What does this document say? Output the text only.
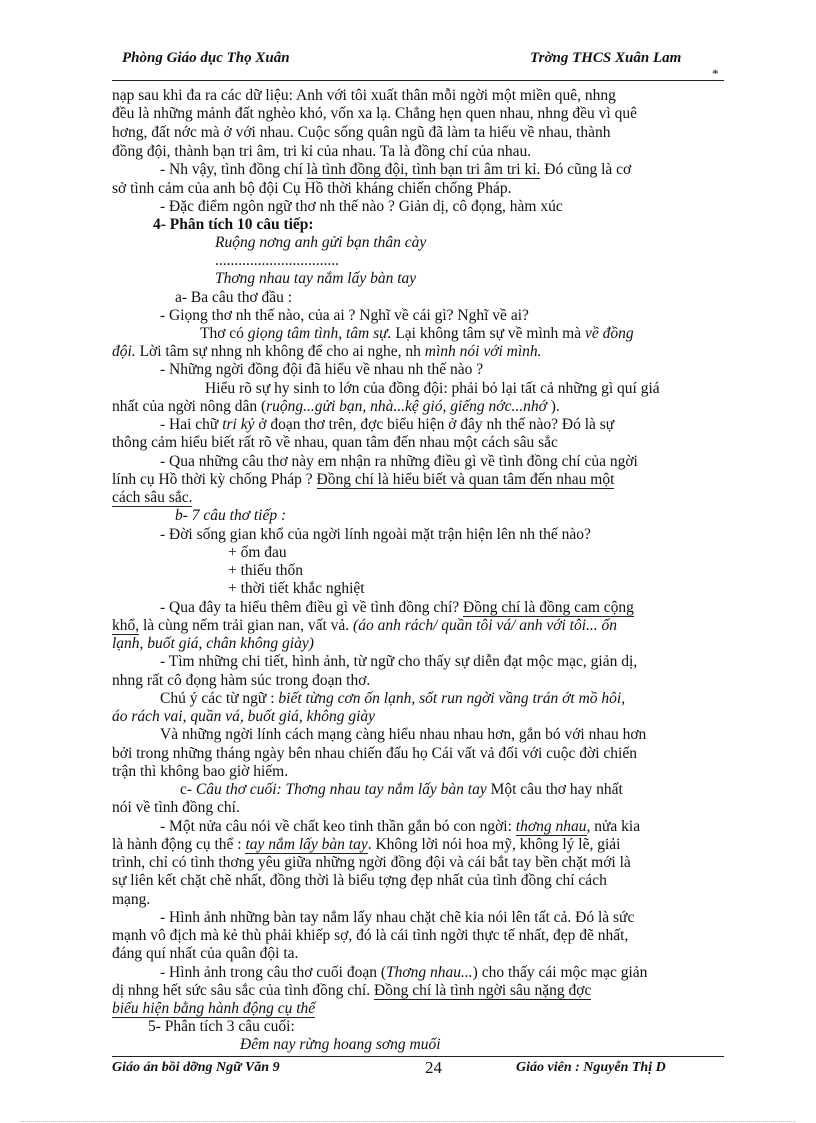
Phòng Giáo dục Thọ Xuân	Trờng THCS Xuân Lam
*
nạp sau khi đa ra các dữ liệu: Anh với tôi xuất thân mỗi ngời một miền quê, nhng
đều là những mảnh đất nghèo khó, vốn xa lạ. Chẳng hẹn quen nhau, nhng đều vì quê
hơng, đất nớc mà ở với nhau. Cuộc sống quân ngũ đã làm ta hiểu về nhau, thành
đồng đội, thành bạn tri âm, tri kỉ của nhau. Ta là đồng chí của nhau.
- Nh vậy, tình đồng chí là tình đồng đội, tình bạn tri âm tri kỉ. Đó cũng là cơ
sở tình cảm của anh bộ đội Cụ Hồ thời kháng chiến chống Pháp.
- Đặc điểm ngôn ngữ thơ nh thế nào ? Giản dị, cô đọng, hàm xúc
4- Phân tích 10 câu tiếp:
Ruộng nơng anh gửi bạn thân cày
................................
Thơng nhau tay nắm lấy bàn tay
a- Ba câu thơ đầu :
- Giọng thơ nh thế nào, của ai ? Nghĩ về cái gì? Nghĩ về ai?
Thơ có giọng tâm tình, tâm sự. Lại không tâm sự về mình mà về đồng
đội. Lời tâm sự nhng nh không để cho ai nghe, nh mình nói với mình.
- Những ngời đồng đội đã hiểu về nhau nh thế nào ?
Hiểu rõ sự hy sinh to lớn của đồng đội: phải bỏ lại tất cả những gì quí giá
nhất của ngời nông dân (ruộng...gửi bạn, nhà...kệ gió, giếng nớc...nhớ ).
- Hai chữ tri kỷ ở đoạn thơ trên, đợc biểu hiện ở đây nh thế nào? Đó là sự
thông cảm hiểu biết rất rõ về nhau, quan tâm đến nhau một cách sâu sắc
- Qua những câu thơ này em nhận ra những điều gì về tình đồng chí của ngời
lính cụ Hồ thời kỳ chống Pháp ? Đồng chí là hiểu biết và quan tâm đến nhau một
cách sâu sắc.
b- 7 câu thơ tiếp :
- Đời sống gian khổ của ngời lính ngoài mặt trận hiện lên nh thế nào?
+ ốm đau
+ thiếu thốn
+ thời tiết khắc nghiệt
- Qua đây ta hiểu thêm điều gì về tình đồng chí? Đồng chí là đồng cam cộng
khổ, là cùng nếm trải gian nan, vất vả. (áo anh rách/ quần tôi vá/ anh với tôi... ốn
lạnh, buốt giá, chân không giày)
- Tìm những chi tiết, hình ảnh, từ ngữ cho thấy sự diễn đạt mộc mạc, giản dị,
nhng rất cô đọng hàm súc trong đoạn thơ.
Chú ý các từ ngữ : biết từng cơn ốn lạnh, sốt run ngời vầng trán ớt mồ hôi,
áo rách vai, quần vá, buốt giá, không giày
Và những ngời lính cách mạng càng hiểu nhau nhau hơn, gắn bó với nhau hơn
bởi trong những tháng ngày bên nhau chiến đấu họ Cái vất vả đối với cuộc đời chiến
trận thì không bao giờ hiếm.
c- Câu thơ cuối: Thơng nhau tay nắm lấy bàn tay Một câu thơ hay nhất
nói về tình đồng chí.
- Một nửa câu nói về chất keo tinh thần gắn bó con ngời: thơng nhau, nửa kia
là hành động cụ thể : tay nắm lấy bàn tay. Không lời nói hoa mỹ, không lý lẽ, giải
trình, chỉ có tình thơng yêu giữa những ngời đồng đội và cái bắt tay bền chặt mới là
sự liên kết chặt chẽ nhất, đồng thời là biểu tợng đẹp nhất của tình đồng chí cách
mạng.
- Hình ảnh những bàn tay nắm lấy nhau chặt chẽ kia nói lên tất cả. Đó là sức
mạnh vô địch mà kẻ thù phải khiếp sợ, đó là cái tình ngời thực tế nhất, đẹp đẽ nhất,
đáng quí nhất của quân đội ta.
- Hình ảnh trong câu thơ cuối đoạn (Thơng nhau...) cho thấy cái mộc mạc giản
dị nhng hết sức sâu sắc của tình đồng chí. Đồng chí là tình ngời sâu nặng đợc
biểu hiện bằng hành động cụ thể
5- Phân tích 3 câu cuối:
Đêm nay rừng hoang sơng muối
Giáo án bồi dỡng Ngữ Văn 9	24	Giáo viên : Nguyễn Thị D
